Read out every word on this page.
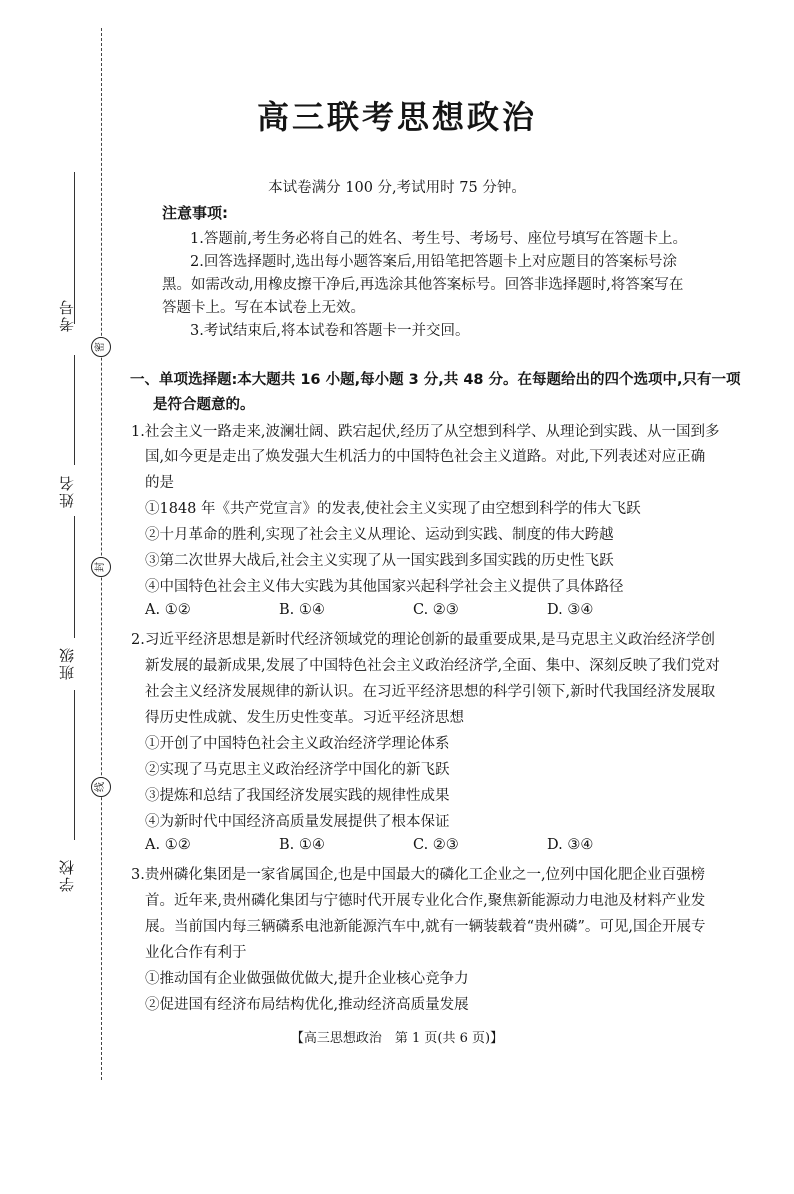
考号
密
姓名
封
班级
线
学校
高三联考思想政治
本试卷满分 100 分,考试用时 75 分钟。
注意事项:
1.答题前,考生务必将自己的姓名、考生号、考场号、座位号填写在答题卡上。
2.回答选择题时,选出每小题答案后,用铅笔把答题卡上对应题目的答案标号涂
黑。如需改动,用橡皮擦干净后,再选涂其他答案标号。回答非选择题时,将答案写在
答题卡上。写在本试卷上无效。
3.考试结束后,将本试卷和答题卡一并交回。
一、单项选择题:本大题共 16 小题,每小题 3 分,共 48 分。在每题给出的四个选项中,只有一项
是符合题意的。
1.社会主义一路走来,波澜壮阔、跌宕起伏,经历了从空想到科学、从理论到实践、从一国到多
国,如今更是走出了焕发强大生机活力的中国特色社会主义道路。对此,下列表述对应正确
的是
①1848 年《共产党宣言》的发表,使社会主义实现了由空想到科学的伟大飞跃
②十月革命的胜利,实现了社会主义从理论、运动到实践、制度的伟大跨越
③第二次世界大战后,社会主义实现了从一国实践到多国实践的历史性飞跃
④中国特色社会主义伟大实践为其他国家兴起科学社会主义提供了具体路径
A. ①②	B. ①④	C. ②③	D. ③④
2.习近平经济思想是新时代经济领域党的理论创新的最重要成果,是马克思主义政治经济学创
新发展的最新成果,发展了中国特色社会主义政治经济学,全面、集中、深刻反映了我们党对
社会主义经济发展规律的新认识。在习近平经济思想的科学引领下,新时代我国经济发展取
得历史性成就、发生历史性变革。习近平经济思想
①开创了中国特色社会主义政治经济学理论体系
②实现了马克思主义政治经济学中国化的新飞跃
③提炼和总结了我国经济发展实践的规律性成果
④为新时代中国经济高质量发展提供了根本保证
A. ①②	B. ①④	C. ②③	D. ③④
3.贵州磷化集团是一家省属国企,也是中国最大的磷化工企业之一,位列中国化肥企业百强榜
首。近年来,贵州磷化集团与宁德时代开展专业化合作,聚焦新能源动力电池及材料产业发
展。当前国内每三辆磷系电池新能源汽车中,就有一辆装载着“贵州磷”。可见,国企开展专
业化合作有利于
①推动国有企业做强做优做大,提升企业核心竞争力
②促进国有经济布局结构优化,推动经济高质量发展
【高三思想政治　第 1 页(共 6 页)】
